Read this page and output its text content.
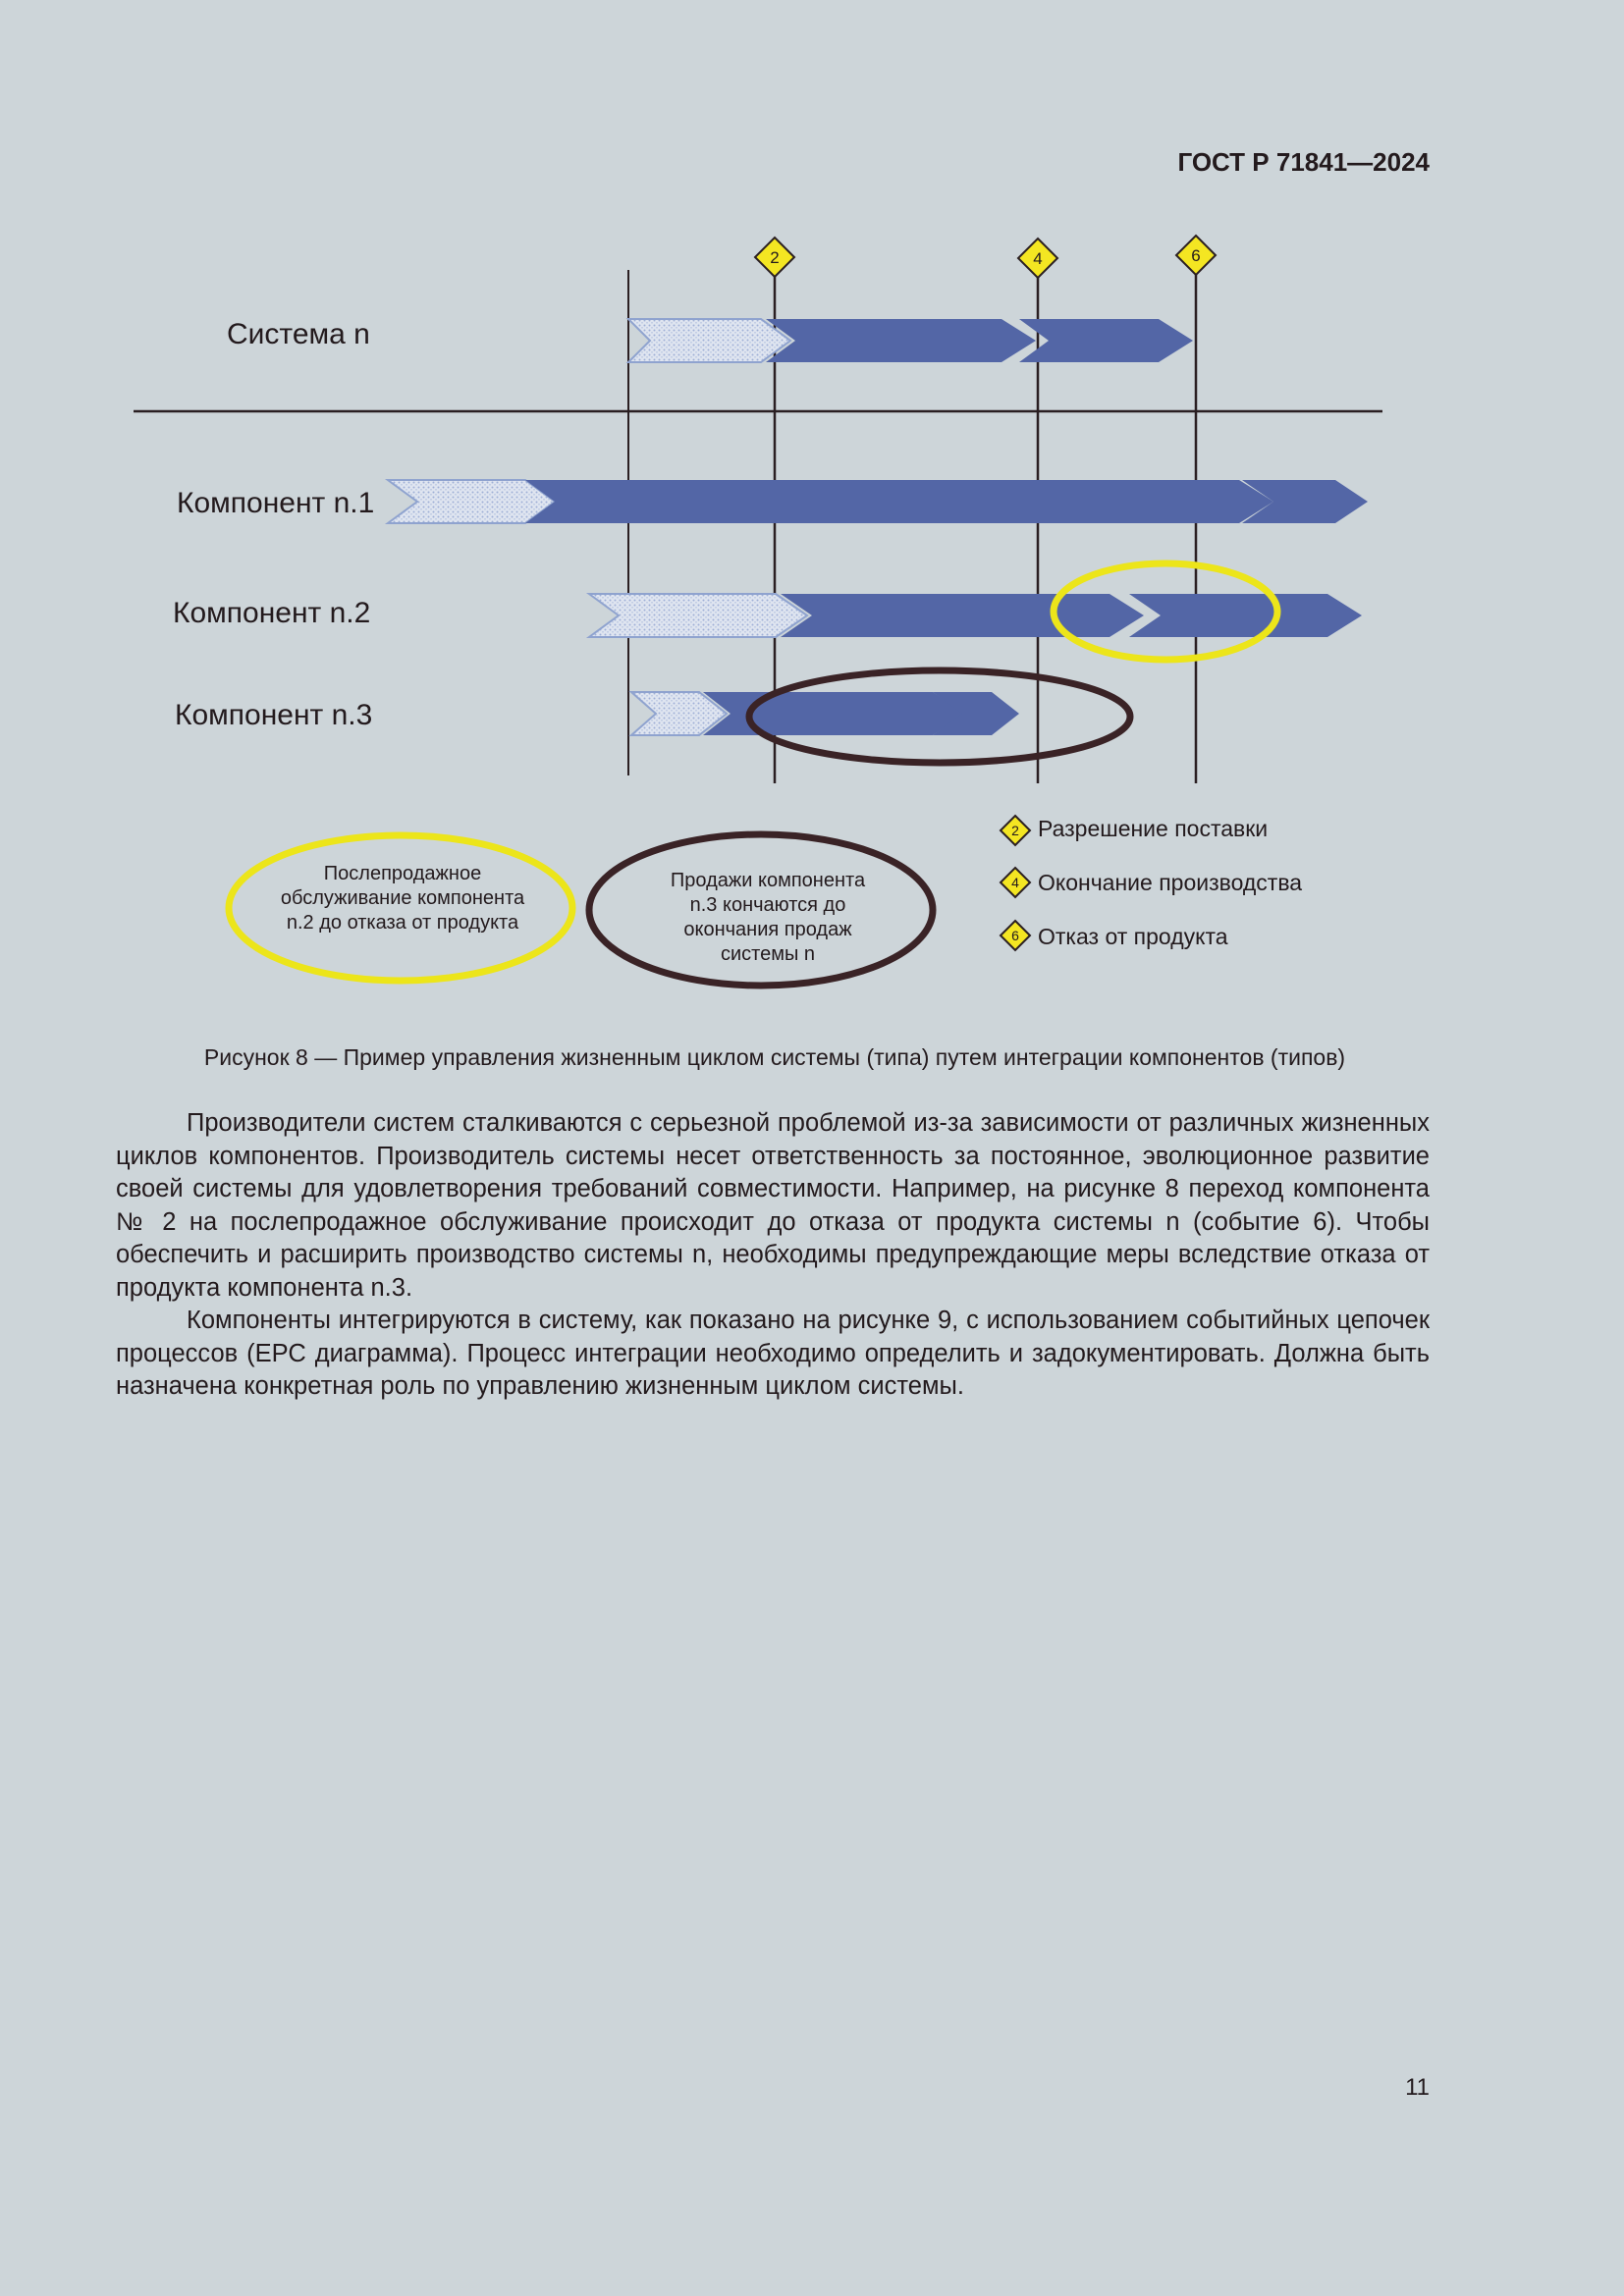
ГОСТ Р 71841—2024
Система n
Компонент n.1
Компонент n.2
Компонент n.3
2	4	6
Послепродажное
обслуживание компонента
n.2 до отказа от продукта
Продажи компонента
n.3 кончаются до
окончания продаж
системы n
2 Разрешение поставки
4 Окончание производства
6 Отказ от продукта
Рисунок 8 — Пример управления жизненным циклом системы (типа) путем интеграции компонентов (типов)

Производители систем сталкиваются с серьезной проблемой из-за зависимости от различных жизненных циклов компонентов. Производитель системы несет ответственность за постоянное, эволюционное развитие своей системы для удовлетворения требований совместимости. Например, на рисунке 8 переход компонента № 2 на послепродажное обслуживание происходит до отказа от продукта системы n (событие 6). Чтобы обеспечить и расширить производство системы n, необходимы предупреждающие меры вследствие отказа от продукта компонента n.3.

Компоненты интегрируются в систему, как показано на рисунке 9, с использованием событийных цепочек процессов (ЕРС диаграмма). Процесс интеграции необходимо определить и задокументировать. Должна быть назначена конкретная роль по управлению жизненным циклом системы.

11
